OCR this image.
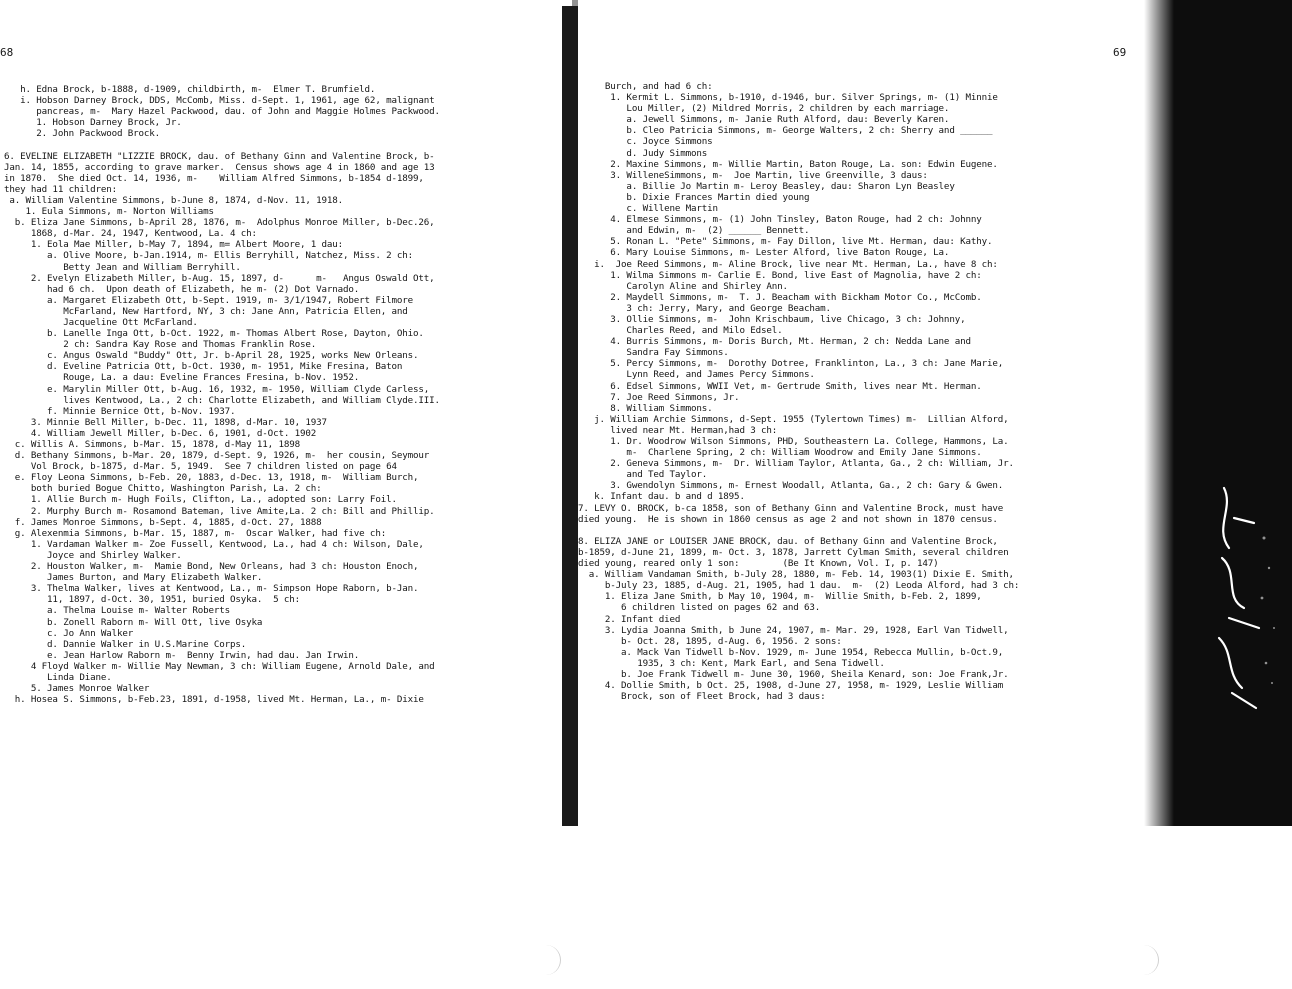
68
h. Edna Brock, b-1888, d-1909, childbirth, m-  Elmer T. Brumfield.
i. Hobson Darney Brock, DDS, McComb, Miss. d-Sept. 1, 1961, age 62, malignant
pancreas, m-  Mary Hazel Packwood, dau. of John and Maggie Holmes Packwood.
1. Hobson Darney Brock, Jr.
2. John Packwood Brock.
6. EVELINE ELIZABETH "LIZZIE BROCK, dau. of Bethany Ginn and Valentine Brock, b-
Jan. 14, 1855, according to grave marker.  Census shows age 4 in 1860 and age 13
in 1870.  She died Oct. 14, 1936, m-    William Alfred Simmons, b-1854 d-1899,
they had 11 children:
a. William Valentine Simmons, b-June 8, 1874, d-Nov. 11, 1918.
1. Eula Simmons, m- Norton Williams
b. Eliza Jane Simmons, b-April 28, 1876, m-  Adolphus Monroe Miller, b-Dec.26,
1868, d-Mar. 24, 1947, Kentwood, La. 4 ch:
1. Eola Mae Miller, b-May 7, 1894, m= Albert Moore, 1 dau:
a. Olive Moore, b-Jan.1914, m- Ellis Berryhill, Natchez, Miss. 2 ch:
Betty Jean and William Berryhill.
2. Evelyn Elizabeth Miller, b-Aug. 15, 1897, d-      m-   Angus Oswald Ott,
had 6 ch.  Upon death of Elizabeth, he m- (2) Dot Varnado.
a. Margaret Elizabeth Ott, b-Sept. 1919, m- 3/1/1947, Robert Filmore
McFarland, New Hartford, NY, 3 ch: Jane Ann, Patricia Ellen, and
Jacqueline Ott McFarland.
b. Lanelle Inga Ott, b-Oct. 1922, m- Thomas Albert Rose, Dayton, Ohio.
2 ch: Sandra Kay Rose and Thomas Franklin Rose.
c. Angus Oswald "Buddy" Ott, Jr. b-April 28, 1925, works New Orleans.
d. Eveline Patricia Ott, b-Oct. 1930, m- 1951, Mike Fresina, Baton
Rouge, La. a dau: Eveline Frances Fresina, b-Nov. 1952.
e. Marylin Miller Ott, b-Aug. 16, 1932, m- 1950, William Clyde Carless,
lives Kentwood, La., 2 ch: Charlotte Elizabeth, and William Clyde.III.
f. Minnie Bernice Ott, b-Nov. 1937.
3. Minnie Bell Miller, b-Dec. 11, 1898, d-Mar. 10, 1937
4. William Jewell Miller, b-Dec. 6, 1901, d-Oct. 1902
c. Willis A. Simmons, b-Mar. 15, 1878, d-May 11, 1898
d. Bethany Simmons, b-Mar. 20, 1879, d-Sept. 9, 1926, m-  her cousin, Seymour
Vol Brock, b-1875, d-Mar. 5, 1949.  See 7 children listed on page 64
e. Floy Leona Simmons, b-Feb. 20, 1883, d-Dec. 13, 1918, m-  William Burch,
both buried Bogue Chitto, Washington Parish, La. 2 ch:
1. Allie Burch m- Hugh Foils, Clifton, La., adopted son: Larry Foil.
2. Murphy Burch m- Rosamond Bateman, live Amite,La. 2 ch: Bill and Phillip.
f. James Monroe Simmons, b-Sept. 4, 1885, d-Oct. 27, 1888
g. Alexenmia Simmons, b-Mar. 15, 1887, m-  Oscar Walker, had five ch:
1. Vardaman Walker m- Zoe Fussell, Kentwood, La., had 4 ch: Wilson, Dale,
Joyce and Shirley Walker.
2. Houston Walker, m-  Mamie Bond, New Orleans, had 3 ch: Houston Enoch,
James Burton, and Mary Elizabeth Walker.
3. Thelma Walker, lives at Kentwood, La., m- Simpson Hope Raborn, b-Jan.
11, 1897, d-Oct. 30, 1951, buried Osyka.  5 ch:
a. Thelma Louise m- Walter Roberts
b. Zonell Raborn m- Will Ott, live Osyka
c. Jo Ann Walker
d. Dannie Walker in U.S.Marine Corps.
e. Jean Harlow Raborn m-  Benny Irwin, had dau. Jan Irwin.
4 Floyd Walker m- Willie May Newman, 3 ch: William Eugene, Arnold Dale, and
Linda Diane.
5. James Monroe Walker
h. Hosea S. Simmons, b-Feb.23, 1891, d-1958, lived Mt. Herman, La., m- Dixie
69
Burch, and had 6 ch:
1. Kermit L. Simmons, b-1910, d-1946, bur. Silver Springs, m- (1) Minnie
Lou Miller, (2) Mildred Morris, 2 children by each marriage.
a. Jewell Simmons, m- Janie Ruth Alford, dau: Beverly Karen.
b. Cleo Patricia Simmons, m- George Walters, 2 ch: Sherry and ______
c. Joyce Simmons
d. Judy Simmons
2. Maxine Simmons, m- Willie Martin, Baton Rouge, La. son: Edwin Eugene.
3. WilleneSimmons, m-  Joe Martin, live Greenville, 3 daus:
a. Billie Jo Martin m- Leroy Beasley, dau: Sharon Lyn Beasley
b. Dixie Frances Martin died young
c. Willene Martin
4. Elmese Simmons, m- (1) John Tinsley, Baton Rouge, had 2 ch: Johnny
and Edwin, m-  (2) ______ Bennett.
5. Ronan L. "Pete" Simmons, m- Fay Dillon, live Mt. Herman, dau: Kathy.
6. Mary Louise Simmons, m- Lester Alford, live Baton Rouge, La.
i.  Joe Reed Simmons, m- Aline Brock, live near Mt. Herman, La., have 8 ch:
1. Wilma Simmons m- Carlie E. Bond, live East of Magnolia, have 2 ch:
Carolyn Aline and Shirley Ann.
2. Maydell Simmons, m-  T. J. Beacham with Bickham Motor Co., McComb.
3 ch: Jerry, Mary, and George Beacham.
3. Ollie Simmons, m-  John Krischbaum, live Chicago, 3 ch: Johnny,
Charles Reed, and Milo Edsel.
4. Burris Simmons, m- Doris Burch, Mt. Herman, 2 ch: Nedda Lane and
Sandra Fay Simmons.
5. Percy Simmons, m-  Dorothy Dotree, Franklinton, La., 3 ch: Jane Marie,
Lynn Reed, and James Percy Simmons.
6. Edsel Simmons, WWII Vet, m- Gertrude Smith, lives near Mt. Herman.
7. Joe Reed Simmons, Jr.
8. William Simmons.
j. William Archie Simmons, d-Sept. 1955 (Tylertown Times) m-  Lillian Alford,
lived near Mt. Herman,had 3 ch:
1. Dr. Woodrow Wilson Simmons, PHD, Southeastern La. College, Hammons, La.
m-  Charlene Spring, 2 ch: William Woodrow and Emily Jane Simmons.
2. Geneva Simmons, m-  Dr. William Taylor, Atlanta, Ga., 2 ch: William, Jr.
and Ted Taylor.
3. Gwendolyn Simmons, m- Ernest Woodall, Atlanta, Ga., 2 ch: Gary & Gwen.
k. Infant dau. b and d 1895.
7. LEVY O. BROCK, b-ca 1858, son of Bethany Ginn and Valentine Brock, must have
died young.  He is shown in 1860 census as age 2 and not shown in 1870 census.
8. ELIZA JANE or LOUISER JANE BROCK, dau. of Bethany Ginn and Valentine Brock,
b-1859, d-June 21, 1899, m- Oct. 3, 1878, Jarrett Cylman Smith, several children
died young, reared only 1 son:        (Be It Known, Vol. I, p. 147)
a. William Vandaman Smith, b-July 28, 1880, m- Feb. 14, 1903(1) Dixie E. Smith,
b-July 23, 1885, d-Aug. 21, 1905, had 1 dau.  m-  (2) Leoda Alford, had 3 ch:
1. Eliza Jane Smith, b May 10, 1904, m-  Willie Smith, b-Feb. 2, 1899,
6 children listed on pages 62 and 63.
2. Infant died
3. Lydia Joanna Smith, b June 24, 1907, m- Mar. 29, 1928, Earl Van Tidwell,
b- Oct. 28, 1895, d-Aug. 6, 1956. 2 sons:
a. Mack Van Tidwell b-Nov. 1929, m- June 1954, Rebecca Mullin, b-Oct.9,
1935, 3 ch: Kent, Mark Earl, and Sena Tidwell.
b. Joe Frank Tidwell m- June 30, 1960, Sheila Kenard, son: Joe Frank,Jr.
4. Dollie Smith, b Oct. 25, 1908, d-June 27, 1958, m- 1929, Leslie William
Brock, son of Fleet Brock, had 3 daus:
